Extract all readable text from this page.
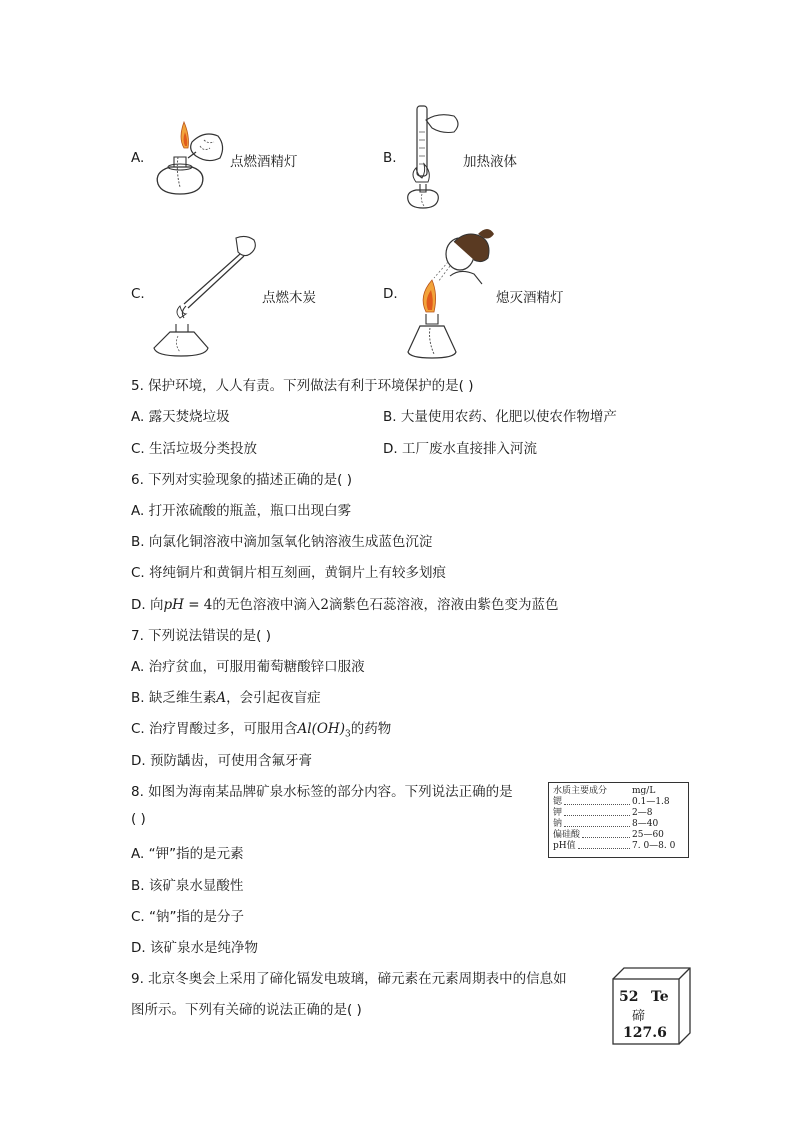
A.	点燃酒精灯	B.	加热液体
C.	点燃木炭	D.	熄灭酒精灯
5. 保护环境，人人有责。下列做法有利于环境保护的是( )
A. 露天焚烧垃圾	B. 大量使用农药、化肥以使农作物增产
C. 生活垃圾分类投放	D. 工厂废水直接排入河流
6. 下列对实验现象的描述正确的是( )
A. 打开浓硫酸的瓶盖，瓶口出现白雾
B. 向氯化铜溶液中滴加氢氧化钠溶液生成蓝色沉淀
C. 将纯铜片和黄铜片相互刻画，黄铜片上有较多划痕
D. 向pH = 4的无色溶液中滴入2滴紫色石蕊溶液，溶液由紫色变为蓝色
7. 下列说法错误的是( )
A. 治疗贫血，可服用葡萄糖酸锌口服液
B. 缺乏维生素A，会引起夜盲症
C. 治疗胃酸过多，可服用含$Al(OH)_3$的药物
D. 预防龋齿，可使用含氟牙膏
8. 如图为海南某品牌矿泉水标签的部分内容。下列说法正确的是
( )
A. “钾”指的是元素
B. 该矿泉水显酸性
C. “钠”指的是分子
D. 该矿泉水是纯净物
水质主要成分	mg/L
锶	0.1—1.8
钾	2—8
钠	8—40
偏硅酸	25—60
pH值	7. 0—8. 0
9. 北京冬奥会上采用了碲化镉发电玻璃，碲元素在元素周期表中的信息如
图所示。下列有关碲的说法正确的是( )
52 Te
碲
127.6
